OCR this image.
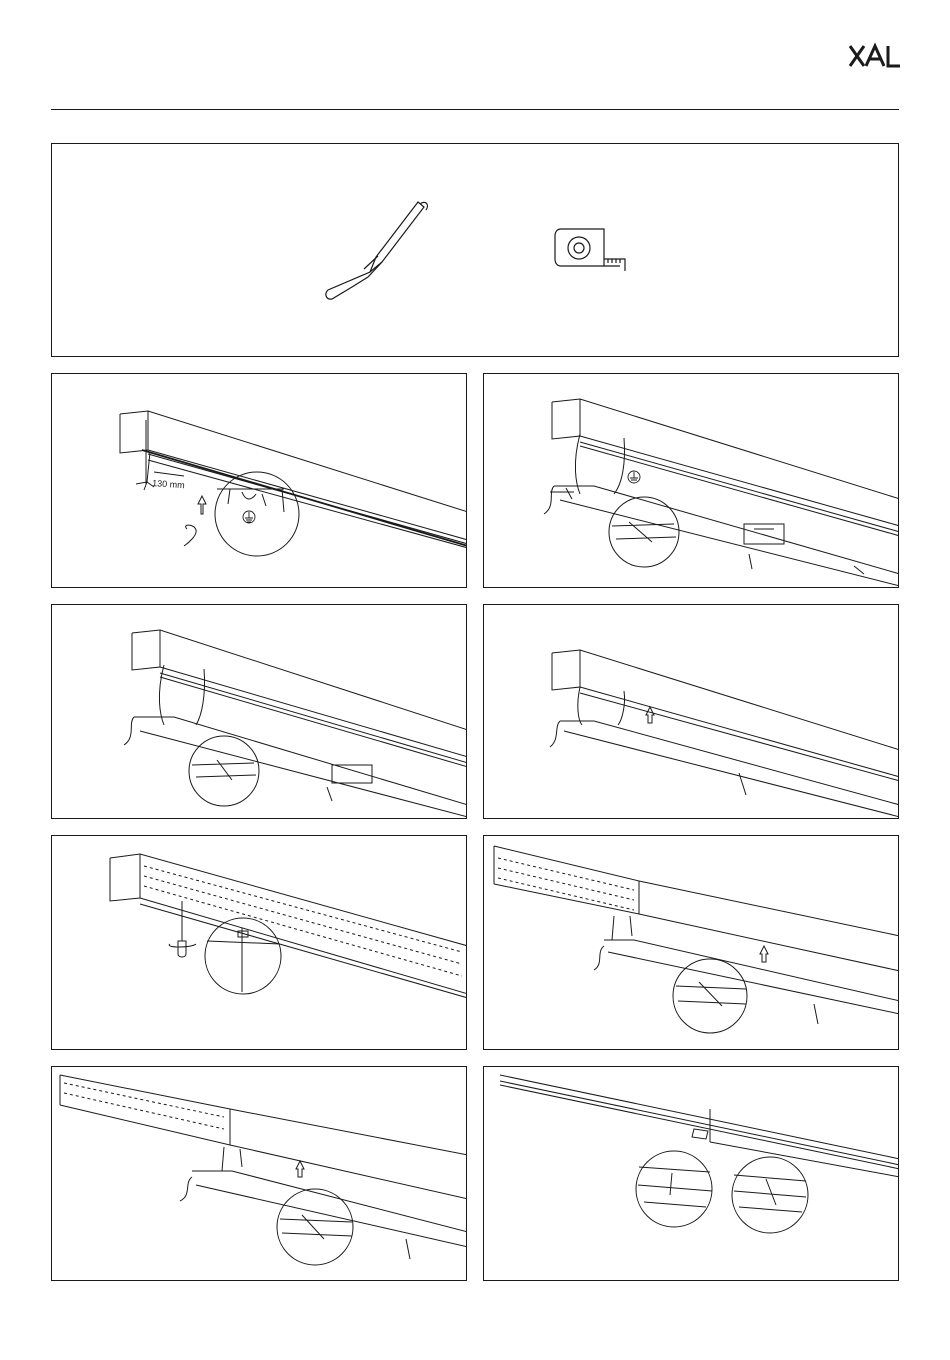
130 mm
